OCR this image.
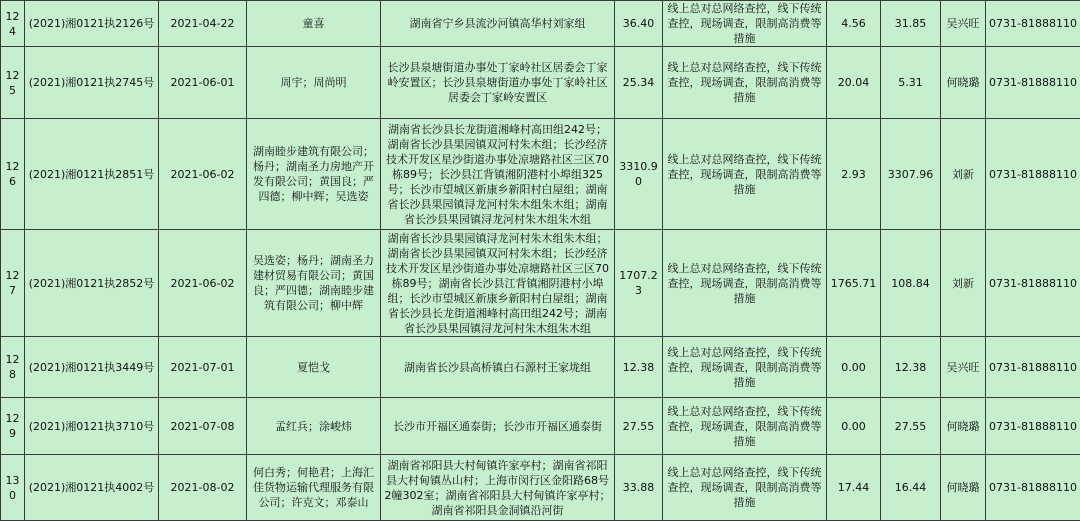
124	(2021)湘0121执2126号	2021-04-22	童喜	湖南省宁乡县流沙河镇高华村刘家组	36.40	线上总对总网络查控，线下传统查控，现场调查，限制高消费等措施	4.56	31.85	吴兴旺	0731-81888110
125	(2021)湘0121执2745号	2021-06-01	周宇；周尚明	长沙县泉塘街道办事处丁家岭社区居委会丁家岭安置区；长沙县泉塘街道办事处丁家岭社区居委会丁家岭安置区	25.34	线上总对总网络查控，线下传统查控，现场调查，限制高消费等措施	20.04	5.31	何晓璐	0731-81888110
126	(2021)湘0121执2851号	2021-06-02	湖南睦步建筑有限公司；杨丹；湖南圣力房地产开发有限公司；黄国良；严四德；柳中辉；吴选姿	湖南省长沙县长龙街道湘峰村高田组242号；湖南省长沙县果园镇双河村朱木组；长沙经济技术开发区星沙街道办事处凉塘路社区三区70栋89号；长沙县江背镇湘阴港村小埠组325号；长沙市望城区新康乡新阳村白屋组；湖南省长沙县果园镇浔龙河村朱木组朱木组；湖南省长沙县果园镇浔龙河村朱木组朱木组	3310.90	线上总对总网络查控，线下传统查控，现场调查，限制高消费等措施	2.93	3307.96	刘新	0731-81888110
127	(2021)湘0121执2852号	2021-06-02	吴选姿；杨丹；湖南圣力建材贸易有限公司；黄国良；严四德；湖南睦步建筑有限公司；柳中辉	湖南省长沙县果园镇浔龙河村朱木组朱木组；湖南省长沙县果园镇双河村朱木组；长沙经济技术开发区星沙街道办事处凉塘路社区三区70栋89号；湖南省长沙县江背镇湘阴港村小埠组；长沙市望城区新康乡新阳村白屋组；湖南省长沙县长龙街道湘峰村高田组242号；湖南省长沙县果园镇浔龙河村朱木组朱木组	1707.23	线上总对总网络查控，线下传统查控，现场调查，限制高消费等措施	1765.71	108.84	刘新	0731-81888110
128	(2021)湘0121执3449号	2021-07-01	夏恺戈	湖南省长沙县高桥镇白石源村王家垅组	12.38	线上总对总网络查控，线下传统查控，现场调查，限制高消费等措施	0.00	12.38	吴兴旺	0731-81888110
129	(2021)湘0121执3710号	2021-07-08	孟红兵；涂峻炜	长沙市开福区通泰街；长沙市开福区通泰街	27.55	线上总对总网络查控，线下传统查控，现场调查，限制高消费等措施	0.00	27.55	何晓璐	0731-81888110
130	(2021)湘0121执4002号	2021-08-02	何白秀；何艳君；上海汇佳货物运输代理服务有限公司；许克文；邓泰山	湖南省祁阳县大村甸镇许家亭村；湖南省祁阳县大村甸镇丛山村；上海市闵行区金阳路68号2幢302室；湖南省祁阳县大村甸镇许家亭村；湖南省祁阳县金洞镇沿河街	33.88	线上总对总网络查控，线下传统查控，现场调查，限制高消费等措施	17.44	16.44	何晓璐	0731-81888110
